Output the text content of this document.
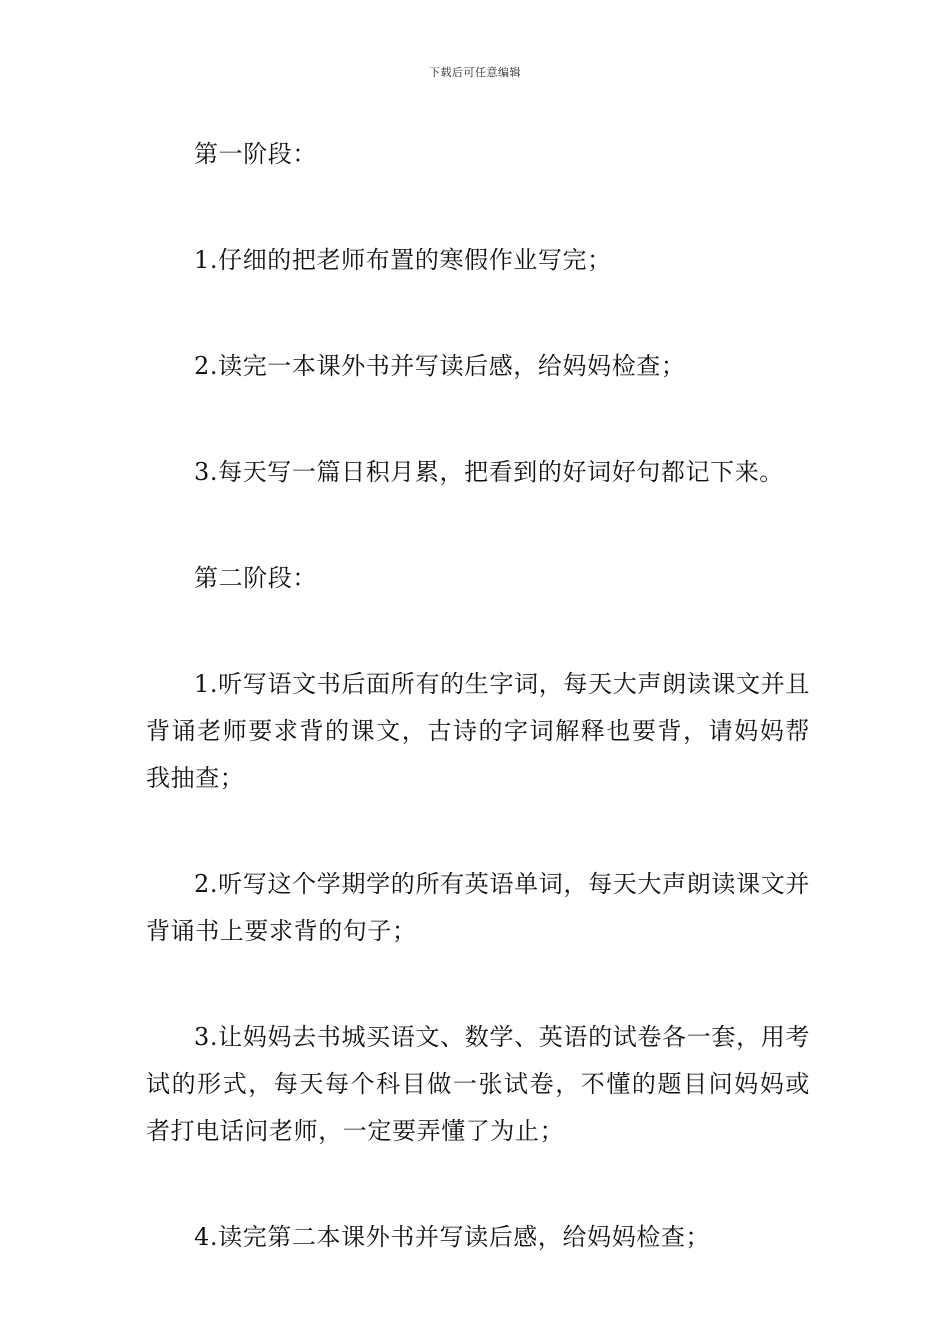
下载后可任意编辑

第一阶段：

1.仔细的把老师布置的寒假作业写完；

2.读完一本课外书并写读后感，给妈妈检查；

3.每天写一篇日积月累，把看到的好词好句都记下来。

第二阶段：

1.听写语文书后面所有的生字词，每天大声朗读课文并且背诵老师要求背的课文，古诗的字词解释也要背，请妈妈帮我抽查；

2.听写这个学期学的所有英语单词，每天大声朗读课文并背诵书上要求背的句子；

3.让妈妈去书城买语文、数学、英语的试卷各一套，用考试的形式，每天每个科目做一张试卷，不懂的题目问妈妈或者打电话问老师，一定要弄懂了为止；

4.读完第二本课外书并写读后感，给妈妈检查；
